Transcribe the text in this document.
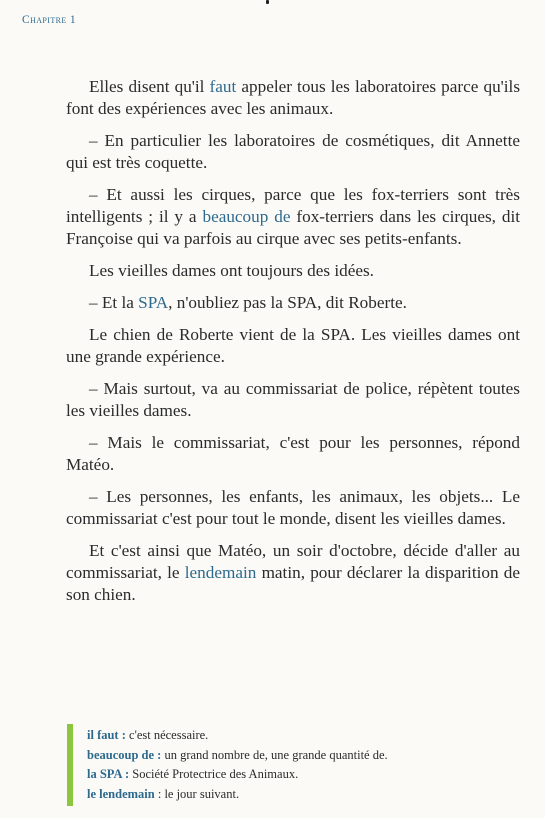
Chapitre 1

Elles disent qu'il faut appeler tous les laboratoires parce qu'ils font des expériences avec les animaux.

– En particulier les laboratoires de cosmétiques, dit Annette qui est très coquette.

– Et aussi les cirques, parce que les fox-terriers sont très intelligents ; il y a beaucoup de fox-terriers dans les cirques, dit Françoise qui va parfois au cirque avec ses petits-enfants.

Les vieilles dames ont toujours des idées.

– Et la SPA, n'oubliez pas la SPA, dit Roberte.

Le chien de Roberte vient de la SPA. Les vieilles dames ont une grande expérience.

– Mais surtout, va au commissariat de police, répètent toutes les vieilles dames.

– Mais le commissariat, c'est pour les personnes, répond Matéo.

– Les personnes, les enfants, les animaux, les objets... Le commissariat c'est pour tout le monde, disent les vieilles dames.

Et c'est ainsi que Matéo, un soir d'octobre, décide d'aller au commissariat, le lendemain matin, pour déclarer la disparition de son chien.

il faut : c'est nécessaire.
beaucoup de : un grand nombre de, une grande quantité de.
la SPA : Société Protectrice des Animaux.
le lendemain : le jour suivant.
